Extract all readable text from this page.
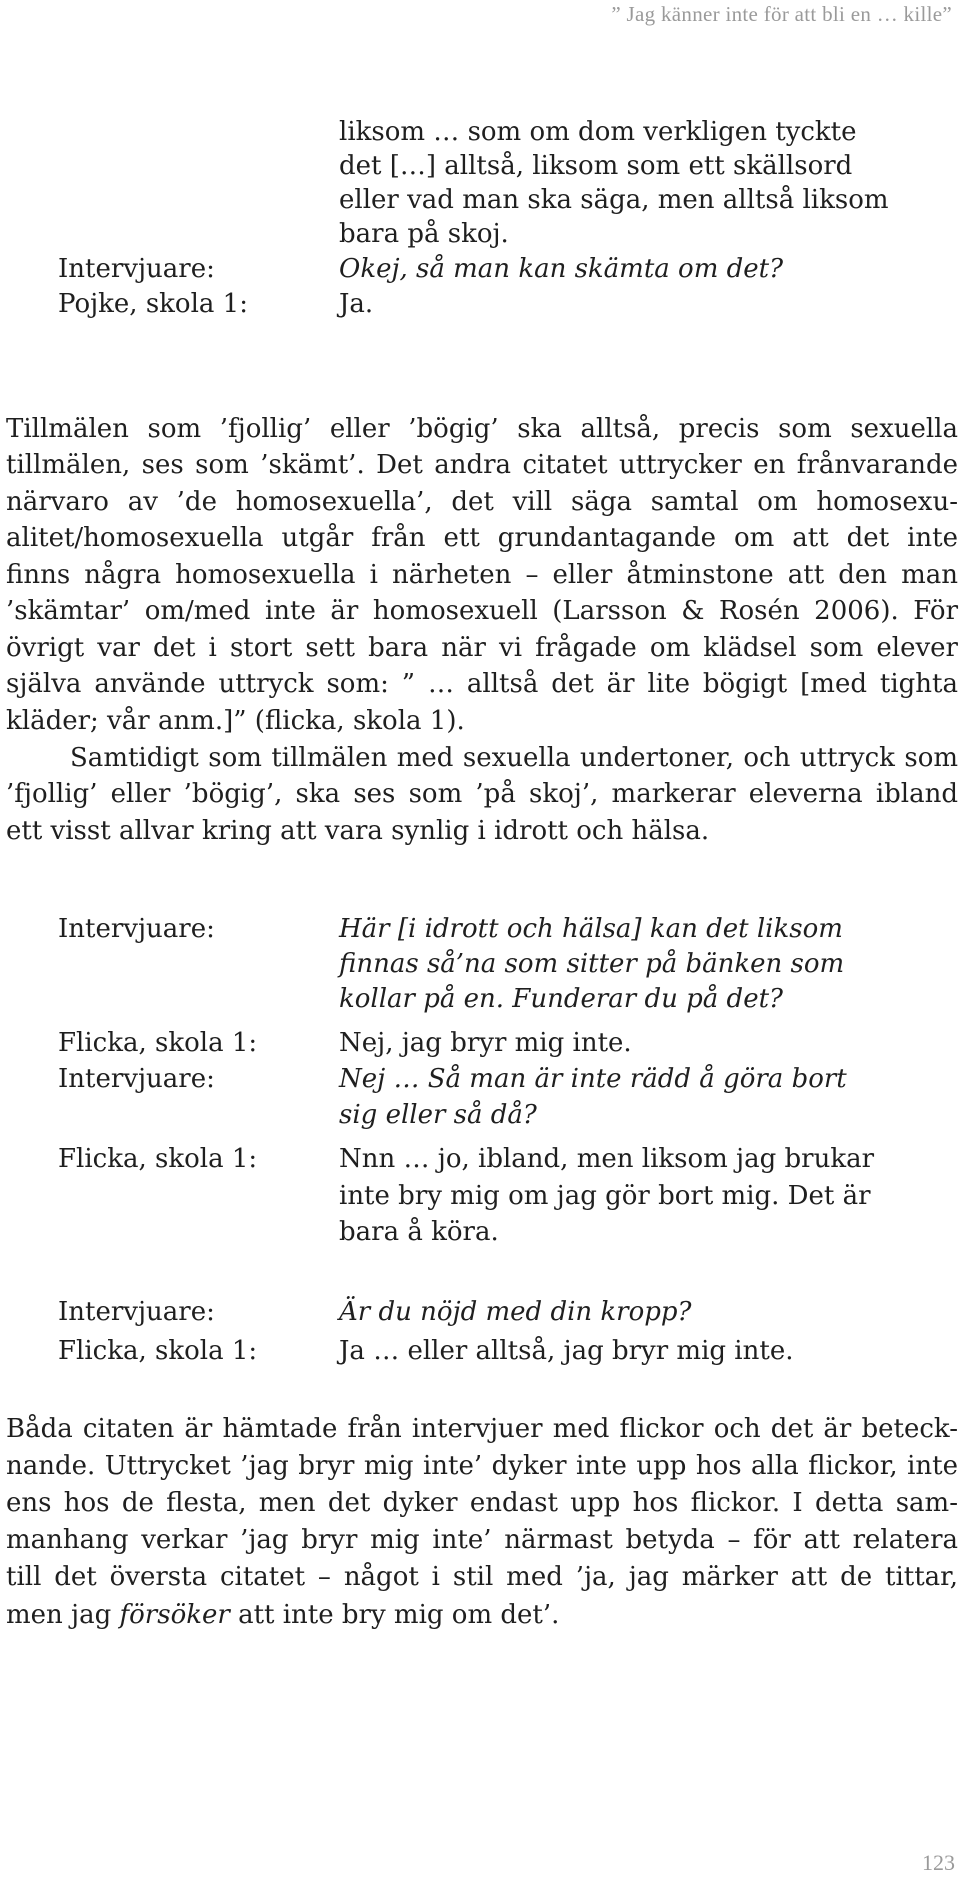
” Jag känner inte för att bli en … kille”
liksom … som om dom verkligen tyckte
det […] alltså, liksom som ett skällsord
eller vad man ska säga, men alltså liksom
bara på skoj.
Intervjuare:	Okej, så man kan skämta om det?
Pojke, skola 1:	Ja.
Tillmälen som ’fjollig’ eller ’bögig’ ska alltså, precis som sexuella
tillmälen, ses som ’skämt’. Det andra citatet uttrycker en frånvarande
närvaro av ’de homosexuella’, det vill säga samtal om homosexu-
alitet/homosexuella utgår från ett grundantagande om att det inte
finns några homosexuella i närheten – eller åtminstone att den man
’skämtar’ om/med inte är homosexuell (Larsson & Rosén 2006). För
övrigt var det i stort sett bara när vi frågade om klädsel som elever
själva använde uttryck som: ” … alltså det är lite bögigt [med tighta
kläder; vår anm.]” (flicka, skola 1).
Samtidigt som tillmälen med sexuella undertoner, och uttryck som
’fjollig’ eller ’bögig’, ska ses som ’på skoj’, markerar eleverna ibland
ett visst allvar kring att vara synlig i idrott och hälsa.
Intervjuare:	Här [i idrott och hälsa] kan det liksom
finnas så’na som sitter på bänken som
kollar på en. Funderar du på det?
Flicka, skola 1:	Nej, jag bryr mig inte.
Intervjuare:	Nej … Så man är inte rädd å göra bort
sig eller så då?
Flicka, skola 1:	Nnn … jo, ibland, men liksom jag brukar
inte bry mig om jag gör bort mig. Det är
bara å köra.
Intervjuare:	Är du nöjd med din kropp?
Flicka, skola 1:	Ja … eller alltså, jag bryr mig inte.
Båda citaten är hämtade från intervjuer med flickor och det är beteck-
nande. Uttrycket ’jag bryr mig inte’ dyker inte upp hos alla flickor, inte
ens hos de flesta, men det dyker endast upp hos flickor. I detta sam-
manhang verkar ’jag bryr mig inte’ närmast betyda – för att relatera
till det översta citatet – något i stil med ’ja, jag märker att de tittar,
men jag försöker att inte bry mig om det’.
123
